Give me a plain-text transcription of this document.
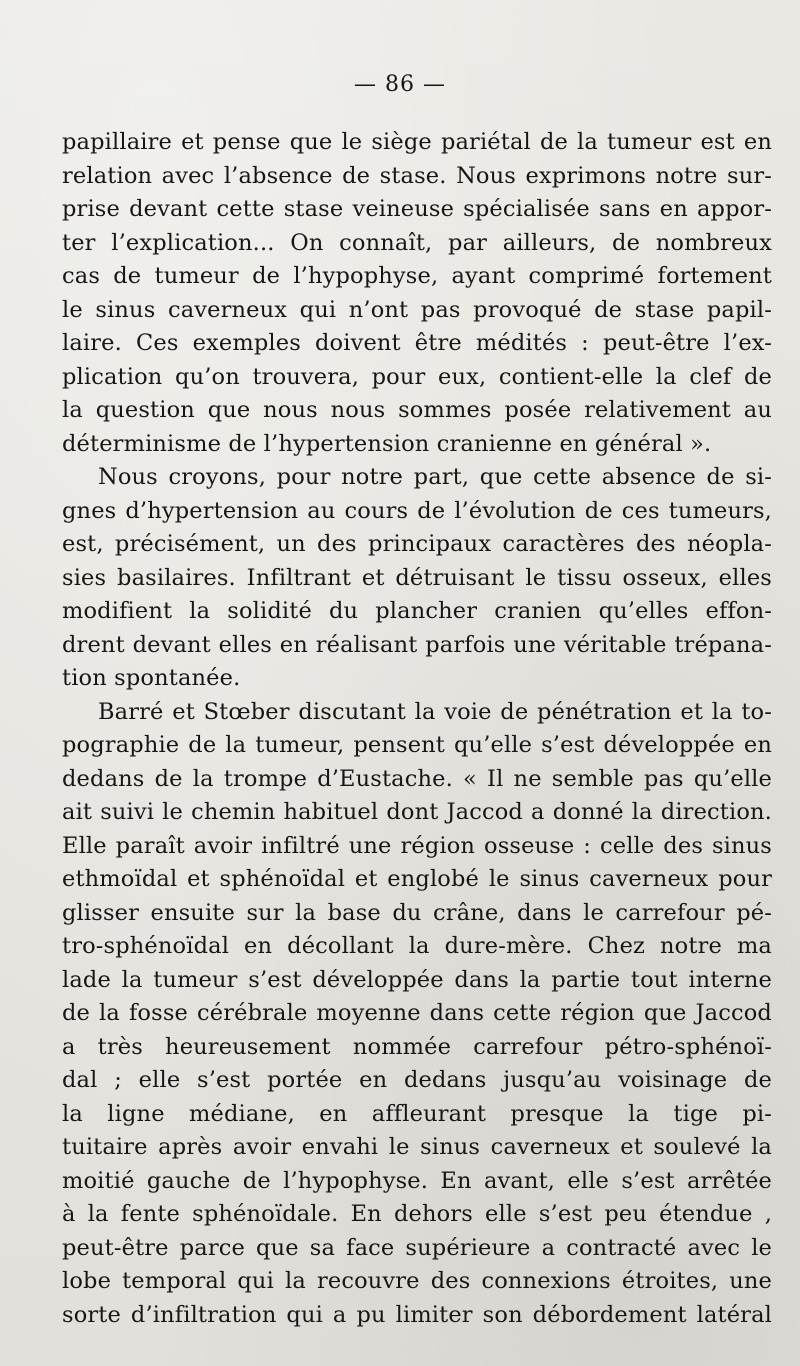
— 86 —
papillaire et pense que le siège pariétal de la tumeur est en
relation avec l’absence de stase. Nous exprimons notre sur-
prise devant cette stase veineuse spécialisée sans en appor-
ter l’explication... On connaît, par ailleurs, de nombreux
cas de tumeur de l’hypophyse, ayant comprimé fortement
le sinus caverneux qui n’ont pas provoqué de stase papil-
laire. Ces exemples doivent être médités : peut-être l’ex-
plication qu’on trouvera, pour eux, contient-elle la clef de
la question que nous nous sommes posée relativement au
déterminisme de l’hypertension cranienne en général ».
Nous croyons, pour notre part, que cette absence de si-
gnes d’hypertension au cours de l’évolution de ces tumeurs,
est, précisément, un des principaux caractères des néopla-
sies basilaires. Infiltrant et détruisant le tissu osseux, elles
modifient la solidité du plancher cranien qu’elles effon-
drent devant elles en réalisant parfois une véritable trépana-
tion spontanée.
Barré et Stœber discutant la voie de pénétration et la to-
pographie de la tumeur, pensent qu’elle s’est développée en
dedans de la trompe d’Eustache. « Il ne semble pas qu’elle
ait suivi le chemin habituel dont Jaccod a donné la direction.
Elle paraît avoir infiltré une région osseuse : celle des sinus
ethmoïdal et sphénoïdal et englobé le sinus caverneux pour
glisser ensuite sur la base du crâne, dans le carrefour pé-
tro-sphénoïdal en décollant la dure-mère. Chez notre ma
lade la tumeur s’est développée dans la partie tout interne
de la fosse cérébrale moyenne dans cette région que Jaccod
a très heureusement nommée carrefour pétro-sphénoï-
dal ; elle s’est portée en dedans jusqu’au voisinage de
la ligne médiane, en affleurant presque la tige pi-
tuitaire après avoir envahi le sinus caverneux et soulevé la
moitié gauche de l’hypophyse. En avant, elle s’est arrêtée
à la fente sphénoïdale. En dehors elle s’est peu étendue ,
peut-être parce que sa face supérieure a contracté avec le
lobe temporal qui la recouvre des connexions étroites, une
sorte d’infiltration qui a pu limiter son débordement latéral
